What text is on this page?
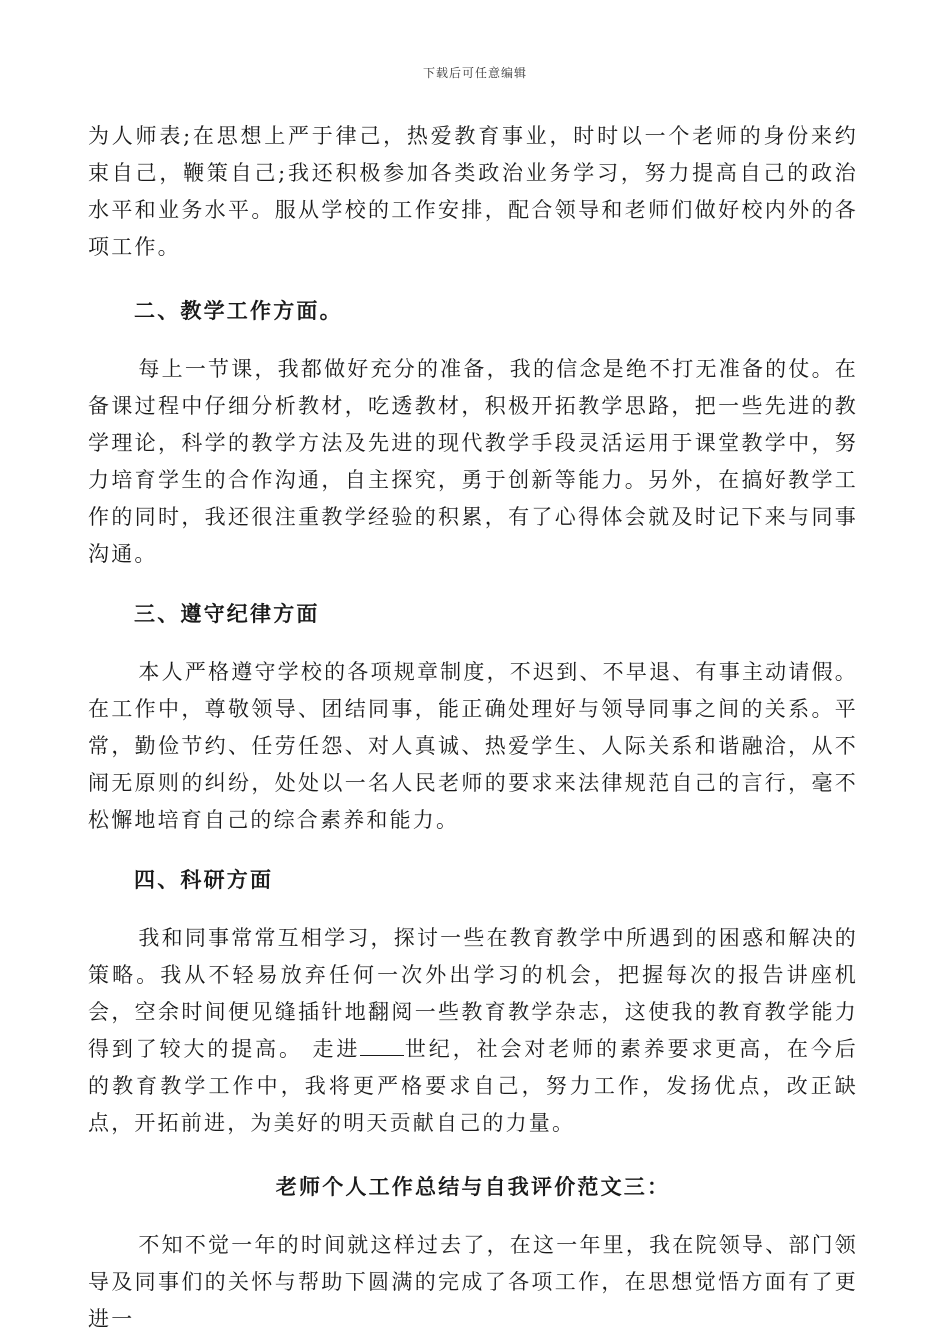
下载后可任意编辑

为人师表;在思想上严于律己，热爱教育事业，时时以一个老师的身份来约束自己，鞭策自己;我还积极参加各类政治业务学习，努力提高自己的政治水平和业务水平。服从学校的工作安排，配合领导和老师们做好校内外的各项工作。

二、教学工作方面。

每上一节课，我都做好充分的准备，我的信念是绝不打无准备的仗。在备课过程中仔细分析教材，吃透教材，积极开拓教学思路，把一些先进的教学理论，科学的教学方法及先进的现代教学手段灵活运用于课堂教学中，努力培育学生的合作沟通，自主探究，勇于创新等能力。另外，在搞好教学工作的同时，我还很注重教学经验的积累，有了心得体会就及时记下来与同事沟通。

三、遵守纪律方面

本人严格遵守学校的各项规章制度，不迟到、不早退、有事主动请假。在工作中，尊敬领导、团结同事，能正确处理好与领导同事之间的关系。平常，勤俭节约、任劳任怨、对人真诚、热爱学生、人际关系和谐融洽，从不闹无原则的纠纷，处处以一名人民老师的要求来法律规范自己的言行，毫不松懈地培育自己的综合素养和能力。

四、科研方面

我和同事常常互相学习，探讨一些在教育教学中所遇到的困惑和解决的策略。我从不轻易放弃任何一次外出学习的机会，把握每次的报告讲座机会，空余时间便见缝插针地翻阅一些教育教学杂志，这使我的教育教学能力得到了较大的提高。 走进 世纪，社会对老师的素养要求更高，在今后的教育教学工作中，我将更严格要求自己，努力工作，发扬优点，改正缺点，开拓前进，为美好的明天贡献自己的力量。

老师个人工作总结与自我评价范文三：

不知不觉一年的时间就这样过去了，在这一年里，我在院领导、部门领导及同事们的关怀与帮助下圆满的完成了各项工作，在思想觉悟方面有了更进一
